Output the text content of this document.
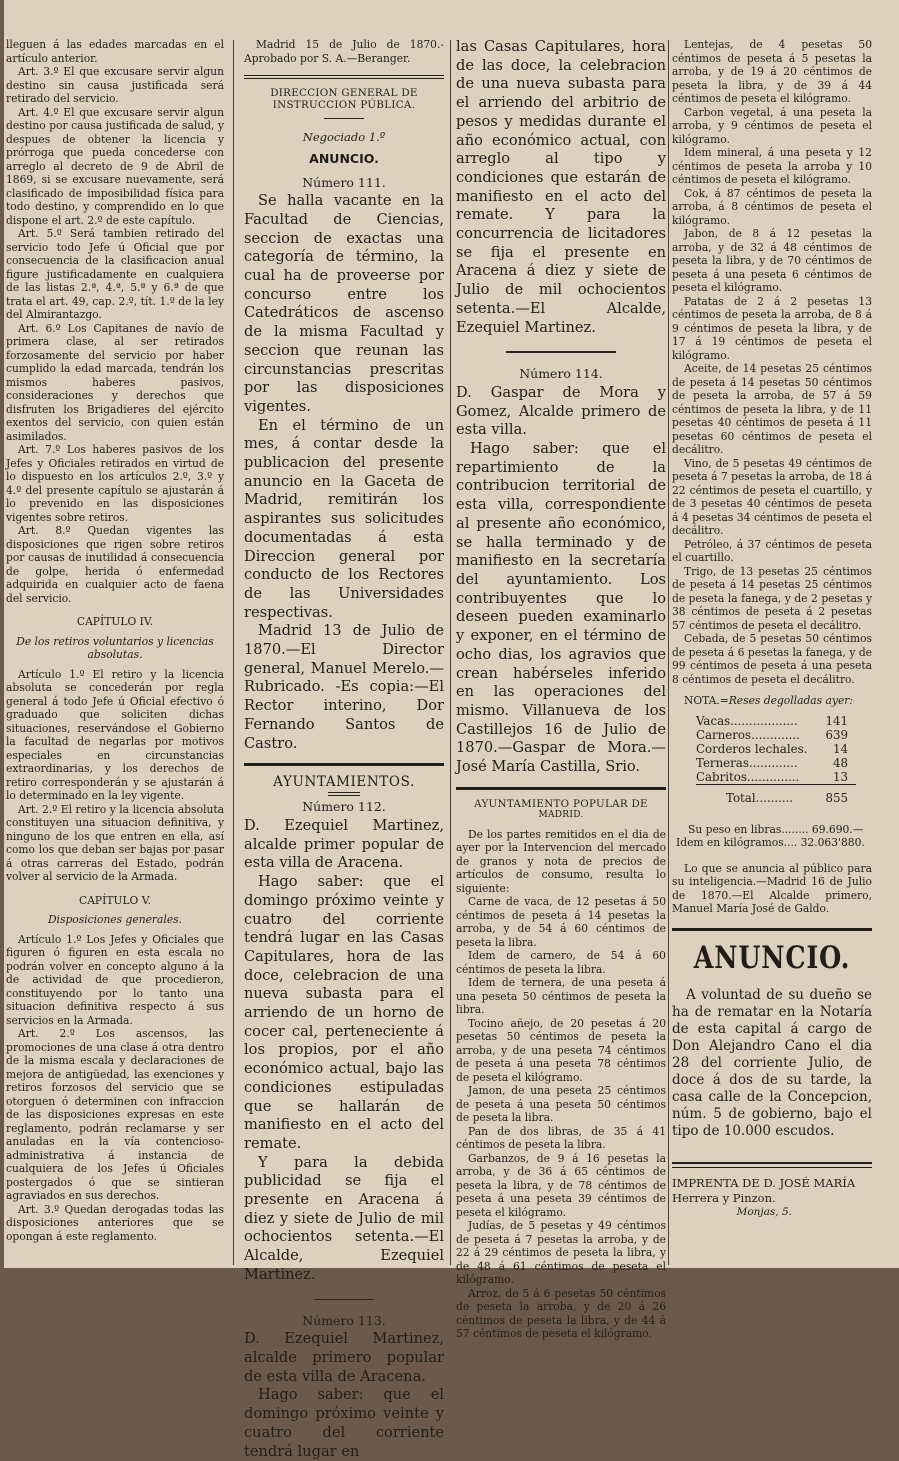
lleguen á las edades marcadas en el artículo anterior.

Art. 3.º El que excusare servir algun destino sin causa justificada será retirado del servicio.

Art. 4.º El que excusare servir algun destino por causa justificada de salud, y despues de obtener la licencia y prórroga que pueda concederse con arreglo al decreto de 9 de Abril de 1869, si se excusare nuevamente, será clasificado de imposibilidad física para todo destino, y comprendido en lo que dispone el art. 2.º de este capítulo.

Art. 5.º Será tambien retirado del servicio todo Jefe ú Oficial que por consecuencia de la clasificacion anual figure justificadamente en cualquiera de las listas 2.ª, 4.ª, 5.ª y 6.ª de que trata el art. 49, cap. 2.º, tít. 1.º de la ley del Almirantazgo.

Art. 6.º Los Capitanes de navío de primera clase, al ser retirados forzosamente del servicio por haber cumplido la edad marcada, tendrán los mismos haberes pasivos, consideraciones y derechos que disfruten los Brigadieres del ejército exentos del servicio, con quien están asimilados.

Art. 7.º Los haberes pasivos de los Jefes y Oficiales retirados en virtud de lo dispuesto en los artículos 2.º, 3.º y 4.º del presente capítulo se ajustarán á lo prevenido en las disposiciones vigentes sobre retiros.

Art. 8.º Quedan vigentes las disposiciones que rigen sobre retiros por causas de inutilidad á consecuencia de golpe, herida ó enfermedad adquirida en cualquier acto de faena del servicio.

CAPÍTULO IV.

De los retiros voluntarios y licencias absolutas.

Artículo 1.º El retiro y la licencia absoluta se concederán por regla general á todo Jefe ú Oficial efectivo ó graduado que soliciten dichas situaciones, reservándose el Gobierno la facultad de negarlas por motivos especiales en circunstancias extraordinarias, y los derechos de retiro corresponderán y se ajustarán á lo determinado en la ley vigente.

Art. 2.º El retiro y la licencia absoluta constituyen una situacion definitiva, y ninguno de los que entren en ella, así como los que deban ser bajas por pasar á otras carreras del Estado, podrán volver al servicio de la Armada.

CAPÍTULO V.

Disposiciones generales.

Artículo 1.º Los Jefes y Oficiales que figuren ó figuren en esta escala no podrán volver en concepto alguno á la de actividad de que procedieron, constituyendo por lo tanto una situacion definitiva respecto á sus servicios en la Armada.

Art. 2.º Los ascensos, las promociones de una clase á otra dentro de la misma escala y declaraciones de mejora de antigüedad, las exenciones y retiros forzosos del servicio que se otorguen ó determinen con infraccion de las disposiciones expresas en este reglamento, podrán reclamarse y ser anuladas en la vía contencioso-administrativa á instancia de cualquiera de los Jefes ú Oficiales postergados ó que se sintieran agraviados en sus derechos.

Art. 3.º Quedan derogadas todas las disposiciones anteriores que se opongan á este reglamento.

Madrid 15 de Julio de 1870.-Aprobado por S. A.—Beranger.

DIRECCION GENERAL DE INSTRUCCION PÚBLICA.

Negociado 1.º

ANUNCIO.

Número 111.

Se halla vacante en la Facultad de Ciencias, seccion de exactas una categoría de término, la cual ha de proveerse por concurso entre los Catedráticos de ascenso de la misma Facultad y seccion que reunan las circunstancias prescritas por las disposiciones vigentes.

En el término de un mes, á contar desde la publicacion del presente anuncio en la Gaceta de Madrid, remitirán los aspirantes sus solicitudes documentadas á esta Direccion general por conducto de los Rectores de las Universidades respectivas.

Madrid 13 de Julio de 1870.—El Director general, Manuel Merelo.—Rubricado. -Es copia:—El Rector interino, Dor Fernando Santos de Castro.

AYUNTAMIENTOS.

Número 112.

D. Ezequiel Martinez, alcalde primer popular de esta villa de Aracena.

Hago saber: que el domingo próximo veinte y cuatro del corriente tendrá lugar en las Casas Capitulares, hora de las doce, celebracion de una nueva subasta para el arriendo de un horno de cocer cal, perteneciente á los propios, por el año económico actual, bajo las condiciones estipuladas que se hallarán de manifiesto en el acto del remate.

Y para la debida publicidad se fija el presente en Aracena á diez y siete de Julio de mil ochocientos setenta.—El Alcalde, Ezequiel Martinez.

Número 113.

D. Ezequiel Martinez, alcalde primero popular de esta villa de Aracena.

Hago saber: que el domingo próximo veinte y cuatro del corriente tendrá lugar en

las Casas Capitulares, hora de las doce, la celebracion de una nueva subasta para el arriendo del arbitrio de pesos y medidas durante el año económico actual, con arreglo al tipo y condiciones que estarán de manifiesto en el acto del remate. Y para la concurrencia de licitadores se fija el presente en Aracena á diez y siete de Julio de mil ochocientos setenta.—El Alcalde, Ezequiel Martinez.

Número 114.

D. Gaspar de Mora y Gomez, Alcalde primero de esta villa.

Hago saber: que el repartimiento de la contribucion territorial de esta villa, correspondiente al presente año económico, se halla terminado y de manifiesto en la secretaría del ayuntamiento. Los contribuyentes que lo deseen pueden examinarlo y exponer, en el término de ocho dias, los agravios que crean habérseles inferido en las operaciones del mismo. Villanueva de los Castillejos 16 de Julio de 1870.—Gaspar de Mora.—José María Castilla, Srio.

AYUNTAMIENTO POPULAR DE

MADRID.

De los partes remitidos en el dia de ayer por la Intervencion del mercado de granos y nota de precios de artículos de consumo, resulta lo siguiente:

Carne de vaca, de 12 pesetas á 50 céntimos de peseta á 14 pesetas la arroba, y de 54 á 60 céntimos de peseta la libra.

Idem de carnero, de 54 á 60 céntimos de peseta la libra.

Idem de ternera, de una peseta á una peseta 50 céntimos de peseta la libra.

Tocino añejo, de 20 pesetas á 20 pesetas 50 céntimos de peseta la arroba, y de una peseta 74 céntimos de peseta á una peseta 78 céntimos de peseta el kilógramo.

Jamon, de una peseta 25 céntimos de peseta á una peseta 50 céntimos de peseta la libra.

Pan de dos libras, de 35 á 41 céntimos de peseta la libra.

Garbanzos, de 9 á 16 pesetas la arroba, y de 36 á 65 céntimos de peseta la libra, y de 78 céntimos de peseta á una peseta 39 céntimos de peseta el kilógramo.

Judías, de 5 pesetas y 49 céntimos de peseta á 7 pesetas la arroba, y de 22 á 29 céntimos de peseta la libra, y de 48 á 61 céntimos de peseta el kilógramo.

Arroz, de 5 á 6 pesetas 50 céntimos de peseta la arroba, y de 20 á 26 céntimos de peseta la libra, y de 44 á 57 céntimos de peseta el kilógramo.

Lentejas, de 4 pesetas 50 céntimos de peseta á 5 pesetas la arroba, y de 19 á 20 céntimos de peseta la libra, y de 39 á 44 céntimos de peseta el kilógramo.

Carbon vegetal, á una peseta la arroba, y 9 céntimos de peseta el kilógramo.

Idem mineral, á una peseta y 12 céntimos de peseta la arroba y 10 céntimos de peseta el kilógramo.

Cok, á 87 céntimos de peseta la arroba, á 8 céntimos de peseta el kilógramo.

Jabon, de 8 á 12 pesetas la arroba, y de 32 á 48 céntimos de peseta la libra, y de 70 céntimos de peseta á una peseta 6 céntimos de peseta el kilógramo.

Patatas de 2 á 2 pesetas 13 céntimos de peseta la arroba, de 8 á 9 céntimos de peseta la libra, y de 17 á 19 céntimos de peseta el kilógramo.

Aceite, de 14 pesetas 25 céntimos de peseta á 14 pesetas 50 céntimos de peseta la arroba, de 57 á 59 céntimos de peseta la libra, y de 11 pesetas 40 céntimos de peseta á 11 pesetas 60 céntimos de peseta el decálitro.

Vino, de 5 pesetas 49 céntimos de peseta á 7 pesetas la arroba, de 18 á 22 céntimos de peseta el cuartillo, y de 3 pesetas 40 céntimos de peseta á 4 pesetas 34 céntimos de peseta el decálitro.

Petróleo, á 37 céntimos de peseta el cuartillo.

Trigo, de 13 pesetas 25 céntimos de peseta á 14 pesetas 25 céntimos de peseta la fanega, y de 2 pesetas y 38 céntimos de peseta á 2 pesetas 57 céntimos de peseta el decálitro.

Cebada, de 5 pesetas 50 céntimos de peseta á 6 pesetas la fanega, y de 99 céntimos de peseta á una peseta 8 céntimos de peseta el decálitro.

NOTA.=Reses degolladas ayer:

Vacas..................	141
Carneros.............	639
Corderos lechales.	14
Terneras.............	48
Cabritos..............	13
Total..........	855

Su peso en libras........ 69.690.—

Idem en kilógramos.... 32.063'880.

Lo que se anuncia al público para su inteligencia.—Madrid 16 de Julio de 1870.—El Alcalde primero, Manuel María José de Galdo.

ANUNCIO.

A voluntad de su dueño se ha de rematar en la Notaría de esta capital á cargo de Don Alejandro Cano el dia 28 del corriente Julio, de doce á dos de su tarde, la casa calle de la Concepcion, núm. 5 de gobierno, bajo el tipo de 10.000 escudos.

IMPRENTA DE D. JOSÉ MARÍA Herrera y Pinzon.

Monjas, 5.
